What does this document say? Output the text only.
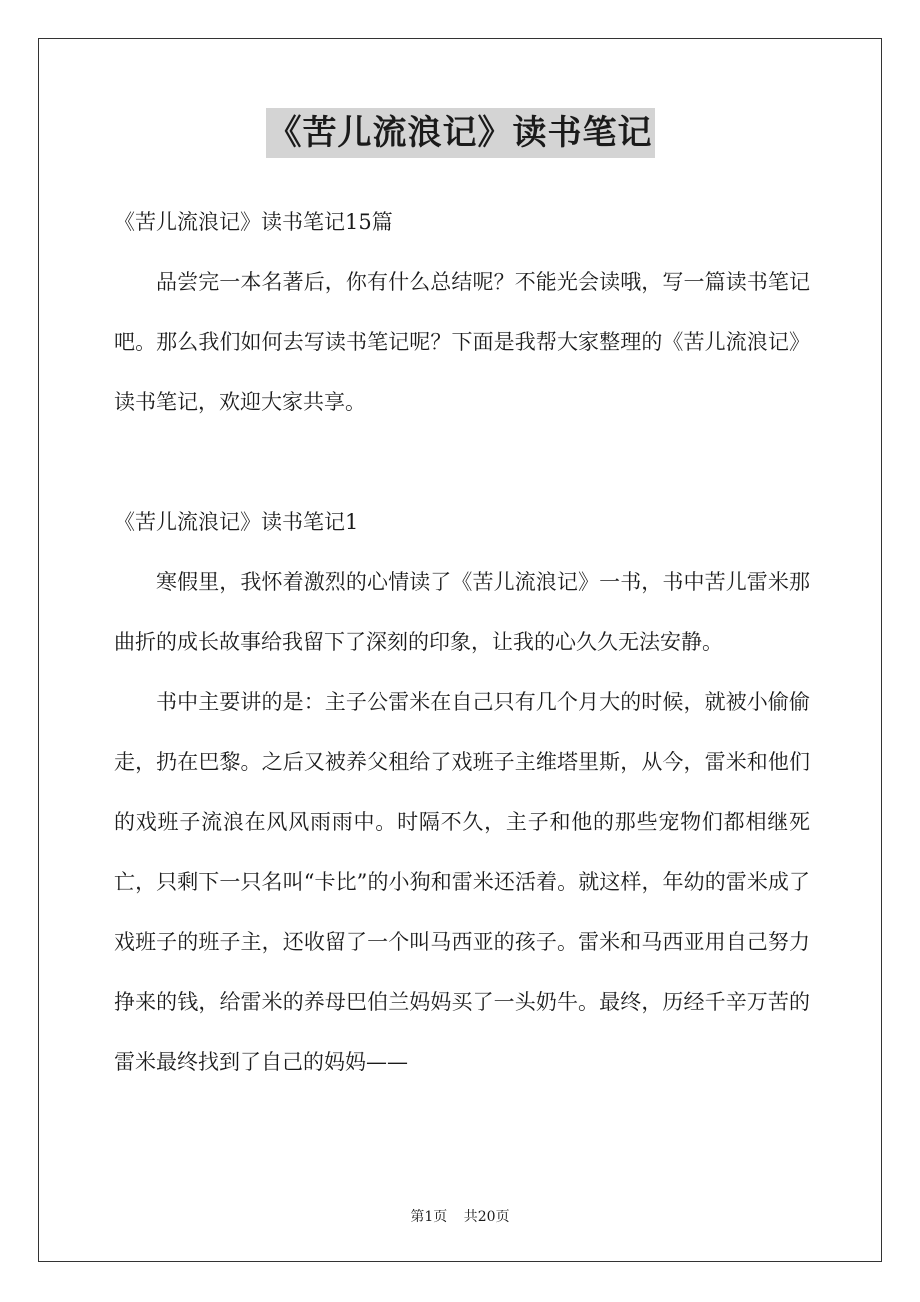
《苦儿流浪记》读书笔记

《苦儿流浪记》读书笔记15篇

品尝完一本名著后，你有什么总结呢？不能光会读哦，写一篇读书笔记吧。那么我们如何去写读书笔记呢？下面是我帮大家整理的《苦儿流浪记》读书笔记，欢迎大家共享。

《苦儿流浪记》读书笔记1

寒假里，我怀着激烈的心情读了《苦儿流浪记》一书，书中苦儿雷米那曲折的成长故事给我留下了深刻的印象，让我的心久久无法安静。

书中主要讲的是：主子公雷米在自己只有几个月大的时候，就被小偷偷走，扔在巴黎。之后又被养父租给了戏班子主维塔里斯，从今，雷米和他们的戏班子流浪在风风雨雨中。时隔不久，主子和他的那些宠物们都相继死亡，只剩下一只名叫“卡比”的小狗和雷米还活着。就这样，年幼的雷米成了戏班子的班子主，还收留了一个叫马西亚的孩子。雷米和马西亚用自己努力挣来的钱，给雷米的养母巴伯兰妈妈买了一头奶牛。最终，历经千辛万苦的雷米最终找到了自己的妈妈——

第1页 共20页
